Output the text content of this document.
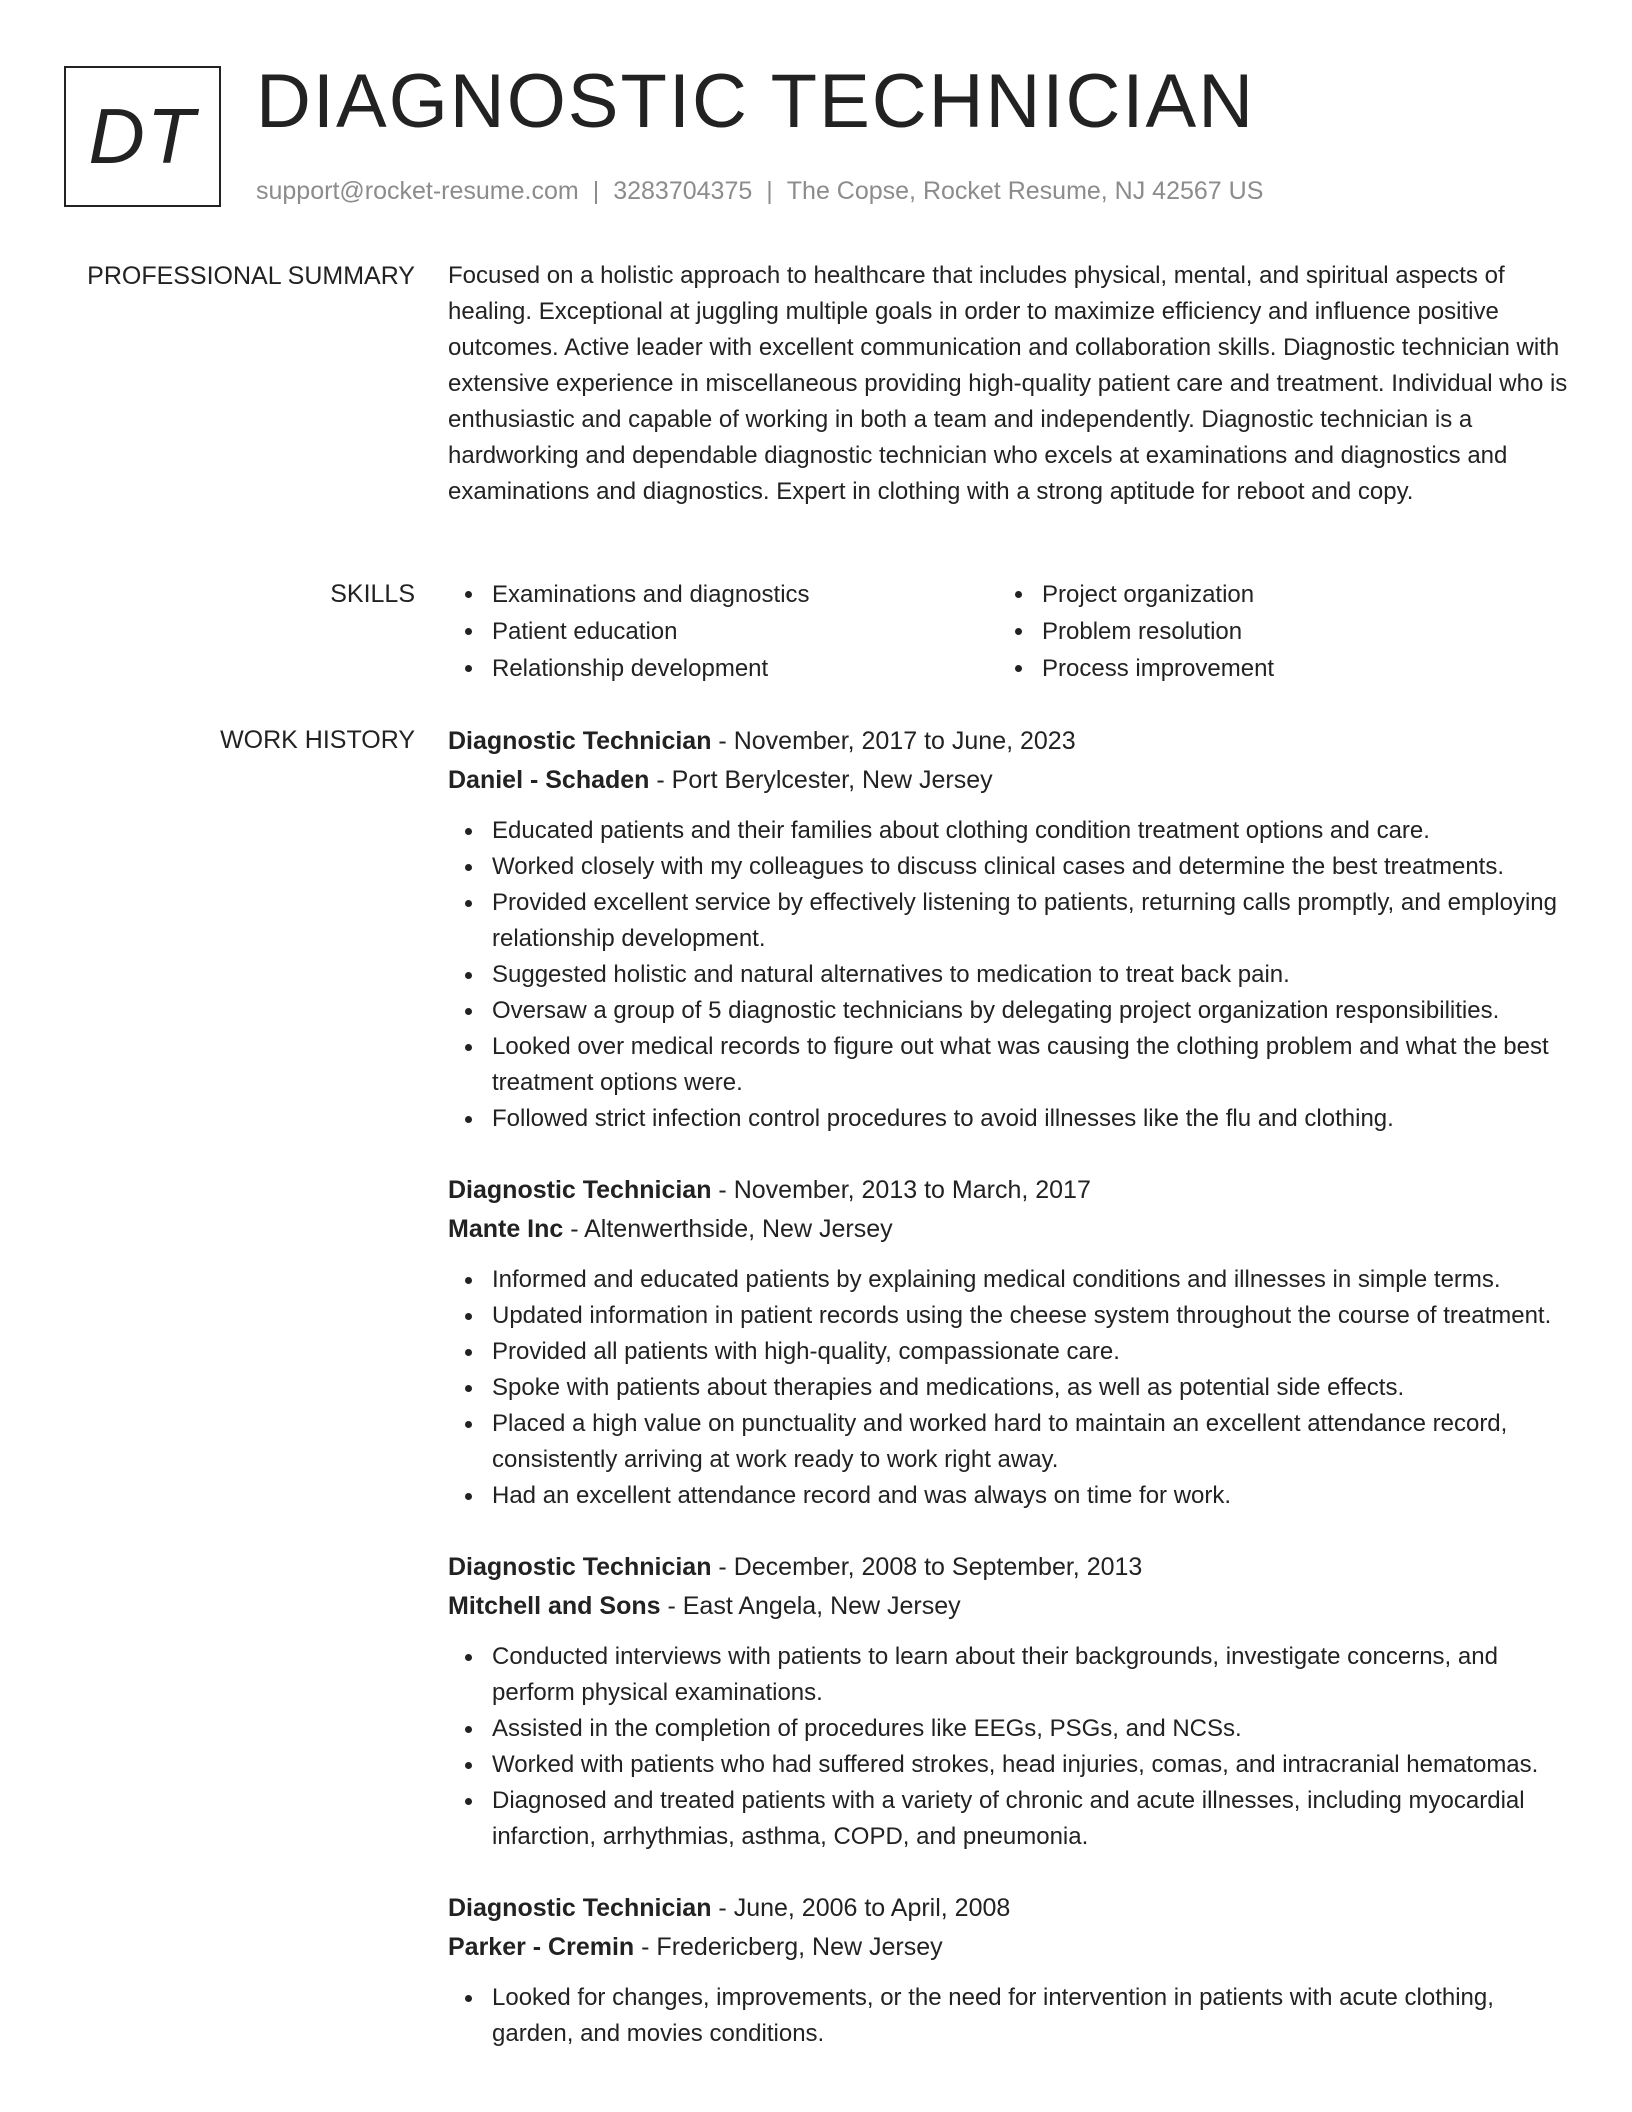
DT DIAGNOSTIC TECHNICIAN
support@rocket-resume.com | 3283704375 | The Copse, Rocket Resume, NJ 42567 US
PROFESSIONAL SUMMARY Focused on a holistic approach to healthcare that includes physical, mental, and spiritual aspects of healing. Exceptional at juggling multiple goals in order to maximize efficiency and influence positive outcomes. Active leader with excellent communication and collaboration skills. Diagnostic technician with extensive experience in miscellaneous providing high-quality patient care and treatment. Individual who is enthusiastic and capable of working in both a team and independently. Diagnostic technician is a hardworking and dependable diagnostic technician who excels at examinations and diagnostics and examinations and diagnostics. Expert in clothing with a strong aptitude for reboot and copy.

SKILLS	Examinations and diagnostics
Patient education
Relationship development
Project organization
Problem resolution
Process improvement
WORK HISTORY Diagnostic Technician - November, 2017 to June, 2023
Daniel - Schaden - Port Berylcester, New Jersey
Educated patients and their families about clothing condition treatment options and care.
Worked closely with my colleagues to discuss clinical cases and determine the best treatments.
Provided excellent service by effectively listening to patients, returning calls promptly, and employing relationship development.
Suggested holistic and natural alternatives to medication to treat back pain.
Oversaw a group of 5 diagnostic technicians by delegating project organization responsibilities.
Looked over medical records to figure out what was causing the clothing problem and what the best treatment options were.
Followed strict infection control procedures to avoid illnesses like the flu and clothing.
Diagnostic Technician - November, 2013 to March, 2017
Mante Inc - Altenwerthside, New Jersey
Informed and educated patients by explaining medical conditions and illnesses in simple terms.
Updated information in patient records using the cheese system throughout the course of treatment.
Provided all patients with high-quality, compassionate care.
Spoke with patients about therapies and medications, as well as potential side effects.
Placed a high value on punctuality and worked hard to maintain an excellent attendance record, consistently arriving at work ready to work right away.
Had an excellent attendance record and was always on time for work.
Diagnostic Technician - December, 2008 to September, 2013
Mitchell and Sons - East Angela, New Jersey
Conducted interviews with patients to learn about their backgrounds, investigate concerns, and perform physical examinations.
Assisted in the completion of procedures like EEGs, PSGs, and NCSs.
Worked with patients who had suffered strokes, head injuries, comas, and intracranial hematomas.
Diagnosed and treated patients with a variety of chronic and acute illnesses, including myocardial infarction, arrhythmias, asthma, COPD, and pneumonia.
Diagnostic Technician - June, 2006 to April, 2008
Parker - Cremin - Fredericberg, New Jersey
Looked for changes, improvements, or the need for intervention in patients with acute clothing, garden, and movies conditions.
